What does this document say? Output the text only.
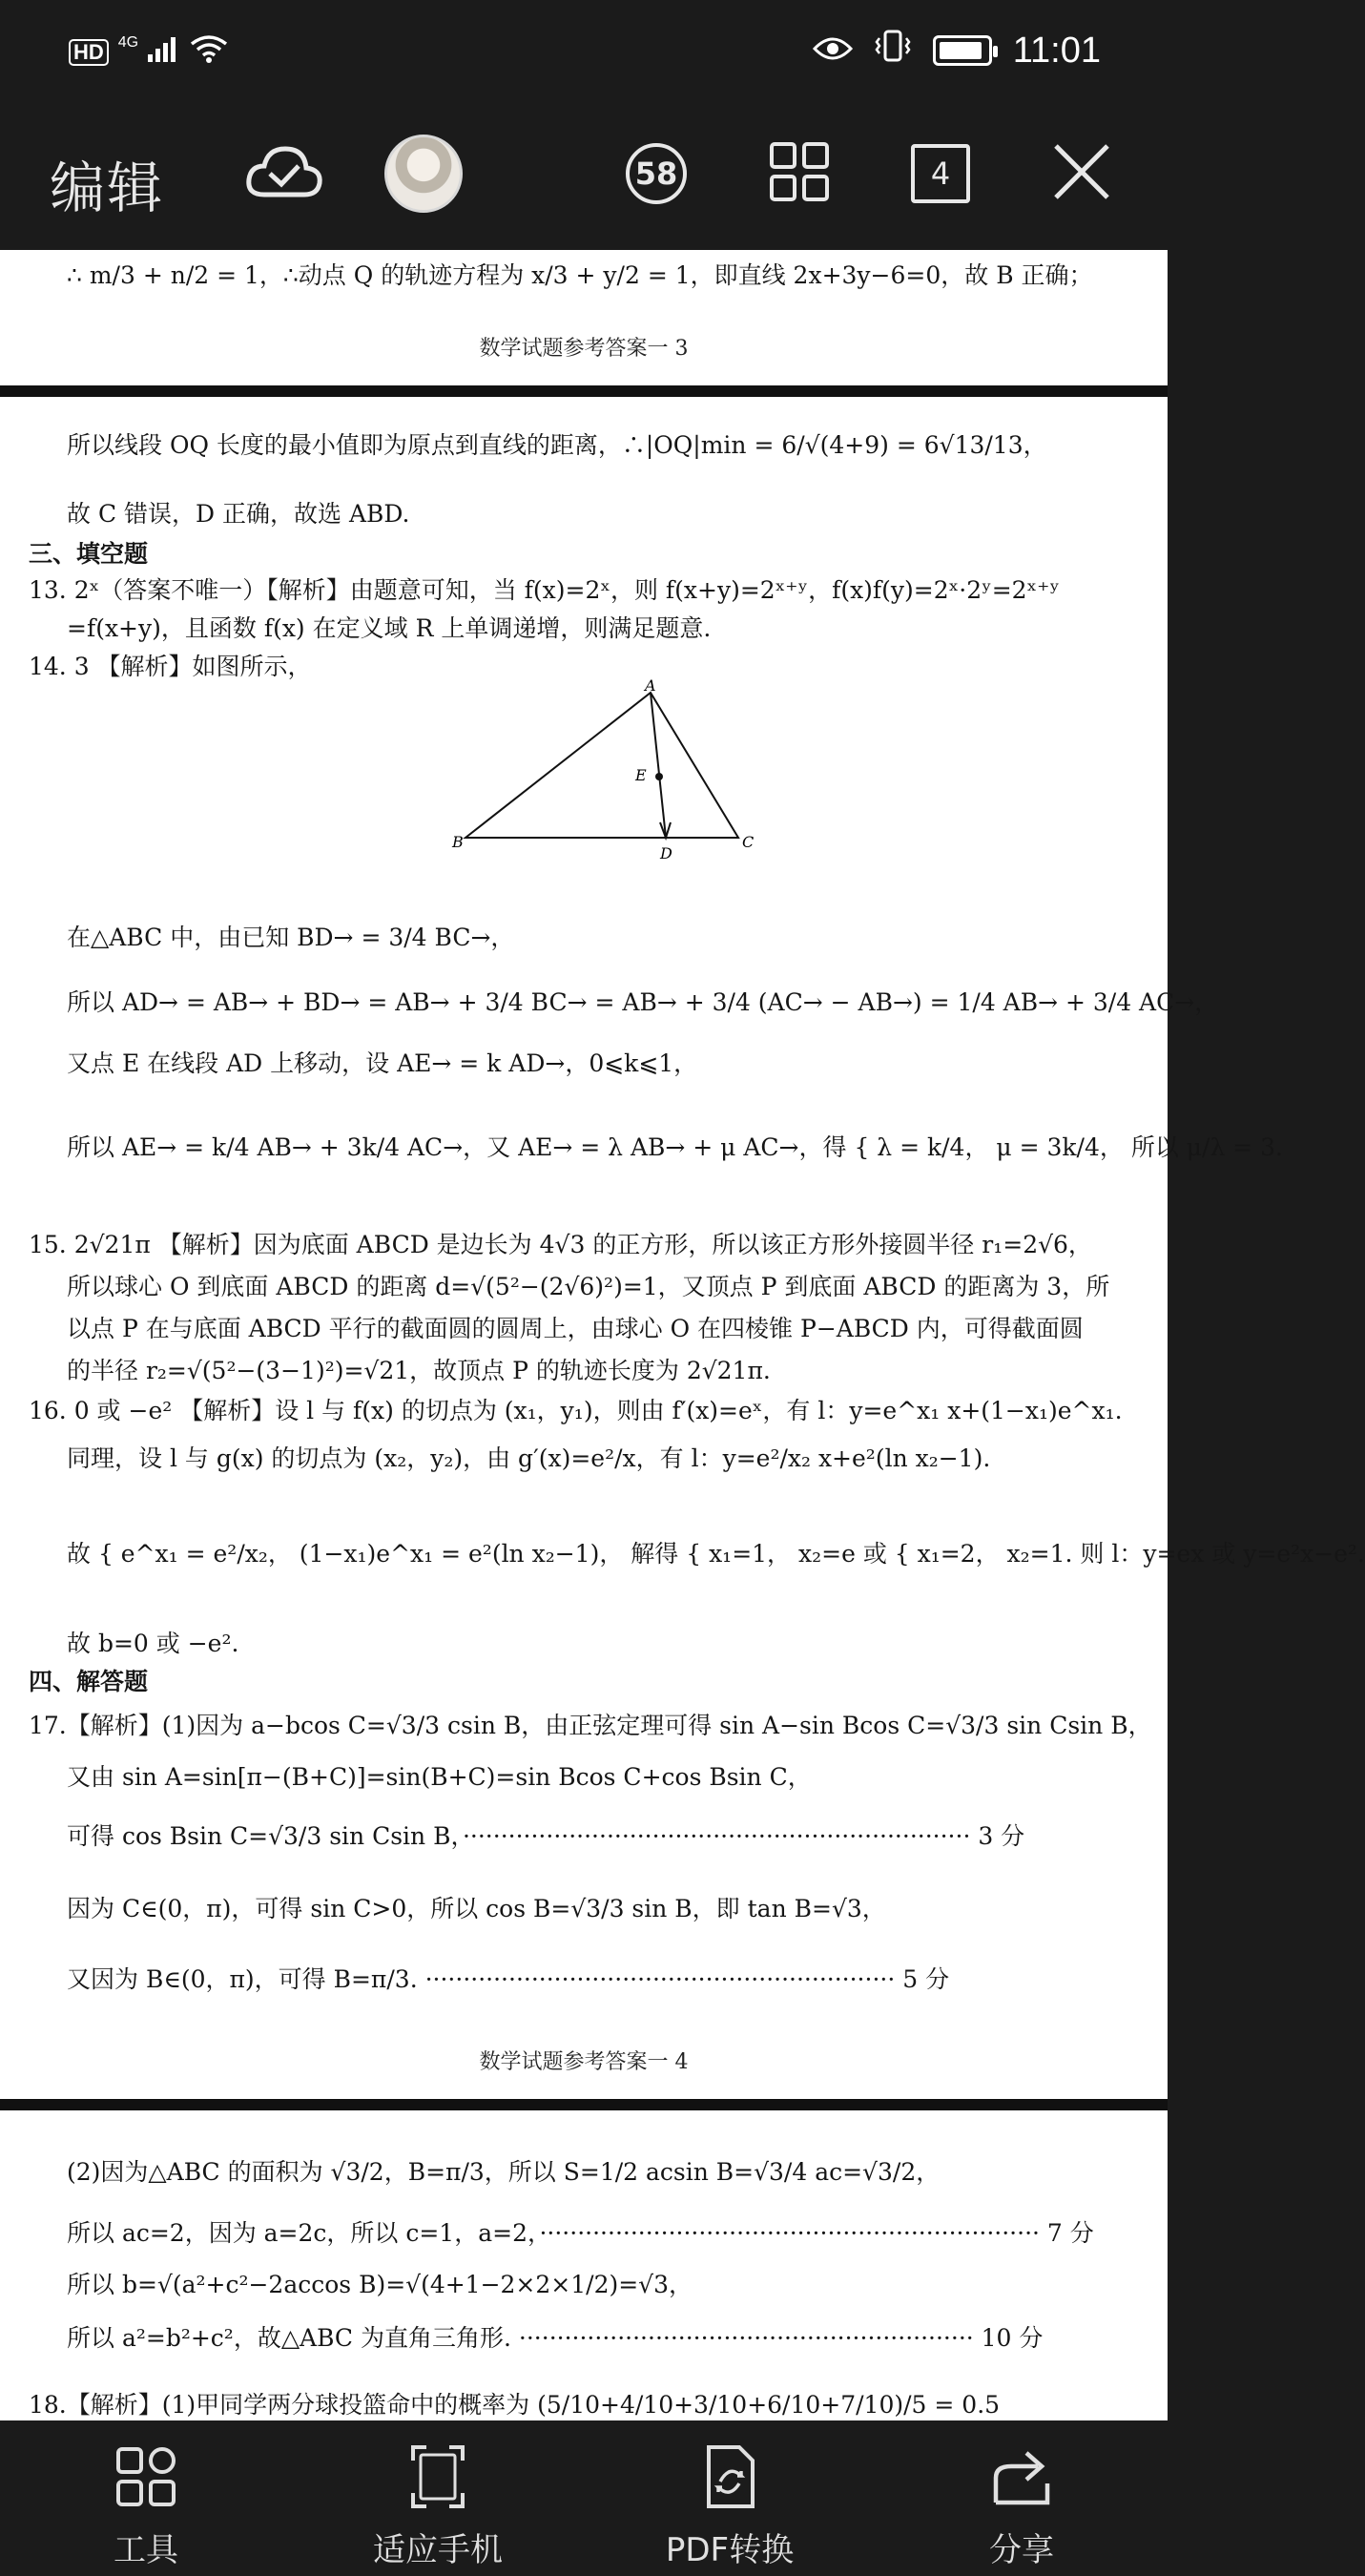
HD 4G	11:01
编辑	58	4
∴ m/3 + n/2 = 1，∴动点 Q 的轨迹方程为 x/3 + y/2 = 1，即直线 2x+3y−6=0，故 B 正确；
数学试题参考答案一 3
所以线段 OQ 长度的最小值即为原点到直线的距离，∴|OQ|min = 6/√(4+9) = 6√13/13，
故 C 错误，D 正确，故选 ABD.
三、填空题
13. 2ˣ（答案不唯一）【解析】由题意可知，当 f(x)=2ˣ，则 f(x+y)=2ˣ⁺ʸ，f(x)f(y)=2ˣ·2ʸ=2ˣ⁺ʸ
=f(x+y)，且函数 f(x) 在定义域 R 上单调递增，则满足题意.
14. 3 【解析】如图所示，
A
B	C
D
E
在△ABC 中，由已知 BD→ = 3/4 BC→，
所以 AD→ = AB→ + BD→ = AB→ + 3/4 BC→ = AB→ + 3/4 (AC→ − AB→) = 1/4 AB→ + 3/4 AC→，
又点 E 在线段 AD 上移动，设 AE→ = k AD→，0⩽k⩽1，
所以 AE→ = k/4 AB→ + 3k/4 AC→，又 AE→ = λ AB→ + μ AC→，得 { λ = k/4， μ = 3k/4， 所以 μ/λ = 3.
15. 2√21π 【解析】因为底面 ABCD 是边长为 4√3 的正方形，所以该正方形外接圆半径 r₁=2√6，
所以球心 O 到底面 ABCD 的距离 d=√(5²−(2√6)²)=1，又顶点 P 到底面 ABCD 的距离为 3，所
以点 P 在与底面 ABCD 平行的截面圆的圆周上，由球心 O 在四棱锥 P−ABCD 内，可得截面圆
的半径 r₂=√(5²−(3−1)²)=√21，故顶点 P 的轨迹长度为 2√21π.
16. 0 或 −e² 【解析】设 l 与 f(x) 的切点为 (x₁，y₁)，则由 f′(x)=eˣ，有 l：y=e^x₁ x+(1−x₁)e^x₁.
同理，设 l 与 g(x) 的切点为 (x₂，y₂)，由 g′(x)=e²/x，有 l：y=e²/x₂ x+e²(ln x₂−1).
故 { e^x₁ = e²/x₂， (1−x₁)e^x₁ = e²(ln x₂−1)， 解得 { x₁=1， x₂=e 或 { x₁=2， x₂=1. 则 l：y=ex 或 y=e²x−e².
故 b=0 或 −e².
四、解答题
17.【解析】(1)因为 a−bcos C=√3/3 csin B，由正弦定理可得 sin A−sin Bcos C=√3/3 sin Csin B，
又由 sin A=sin[π−(B+C)]=sin(B+C)=sin Bcos C+cos Bsin C，
可得 cos Bsin C=√3/3 sin Csin B，··································································· 3 分
因为 C∈(0，π)，可得 sin C>0，所以 cos B=√3/3 sin B，即 tan B=√3，
又因为 B∈(0，π)，可得 B=π/3. ······························································ 5 分
数学试题参考答案一 4
(2)因为△ABC 的面积为 √3/2，B=π/3，所以 S=1/2 acsin B=√3/4 ac=√3/2，
所以 ac=2，因为 a=2c，所以 c=1，a=2，·································································· 7 分
所以 b=√(a²+c²−2accos B)=√(4+1−2×2×1/2)=√3，
所以 a²=b²+c²，故△ABC 为直角三角形. ···························································· 10 分
18.【解析】(1)甲同学两分球投篮命中的概率为 (5/10+4/10+3/10+6/10+7/10)/5 = 0.5
工具	适应手机	PDF转换	分享
